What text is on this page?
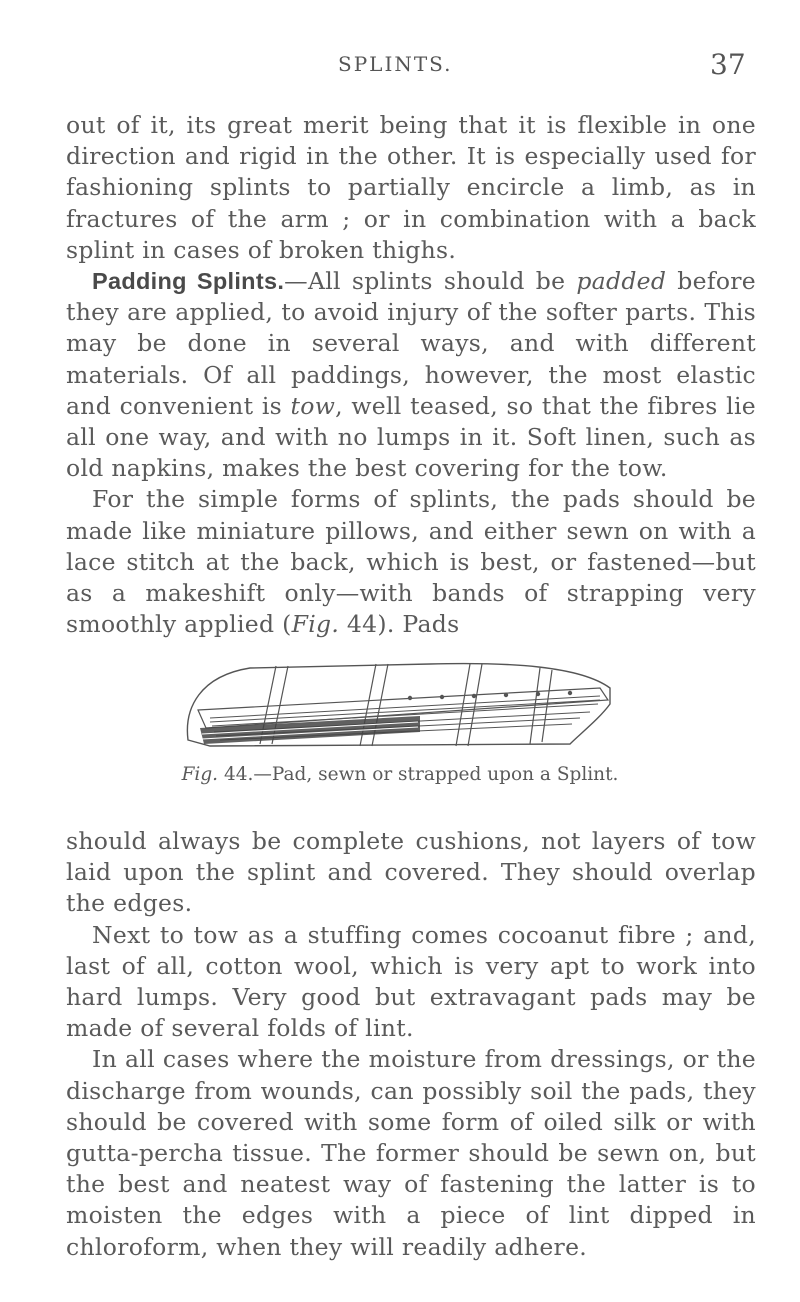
SPLINTS.	37

out of it, its great merit being that it is flexible in one direction and rigid in the other. It is especially used for fashioning splints to partially encircle a limb, as in fractures of the arm ; or in combination with a back splint in cases of broken thighs.

Padding Splints.—All splints should be padded before they are applied, to avoid injury of the softer parts. This may be done in several ways, and with different materials. Of all paddings, however, the most elastic and convenient is tow, well teased, so that the fibres lie all one way, and with no lumps in it. Soft linen, such as old napkins, makes the best covering for the tow.

For the simple forms of splints, the pads should be made like miniature pillows, and either sewn on with a lace stitch at the back, which is best, or fastened—but as a makeshift only—with bands of strapping very smoothly applied (Fig. 44). Pads

Fig. 44.—Pad, sewn or strapped upon a Splint.

should always be complete cushions, not layers of tow laid upon the splint and covered. They should overlap the edges.

Next to tow as a stuffing comes cocoanut fibre ; and, last of all, cotton wool, which is very apt to work into hard lumps. Very good but extravagant pads may be made of several folds of lint.

In all cases where the moisture from dressings, or the discharge from wounds, can possibly soil the pads, they should be covered with some form of oiled silk or with gutta-percha tissue. The former should be sewn on, but the best and neatest way of fastening the latter is to moisten the edges with a piece of lint dipped in chloroform, when they will readily adhere.
